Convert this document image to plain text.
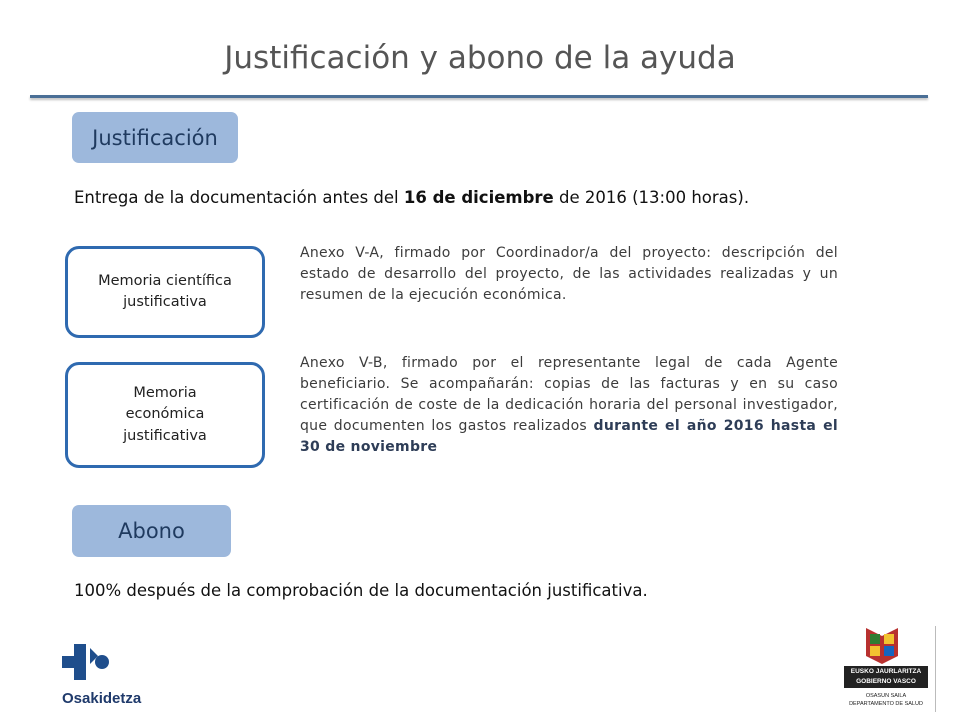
Justificación y abono de la ayuda
Justificación
Entrega de la documentación antes del 16 de diciembre de 2016 (13:00 horas).
Memoria científica
justificativa
Anexo V-A, firmado por Coordinador/a del proyecto: descripción del estado de desarrollo del proyecto, de las actividades realizadas y un resumen de la ejecución económica.
Memoria
económica
justificativa
Anexo V-B, firmado por el representante legal de cada Agente beneficiario. Se acompañarán: copias de las facturas y en su caso certificación de coste de la dedicación horaria del personal investigador, que documenten los gastos realizados durante el año 2016 hasta el 30 de noviembre
Abono
100% después de la comprobación de la documentación justificativa.
Osakidetza
EUSKO JAURLARITZA
GOBIERNO VASCO
OSASUN SAILA
DEPARTAMENTO DE SALUD
